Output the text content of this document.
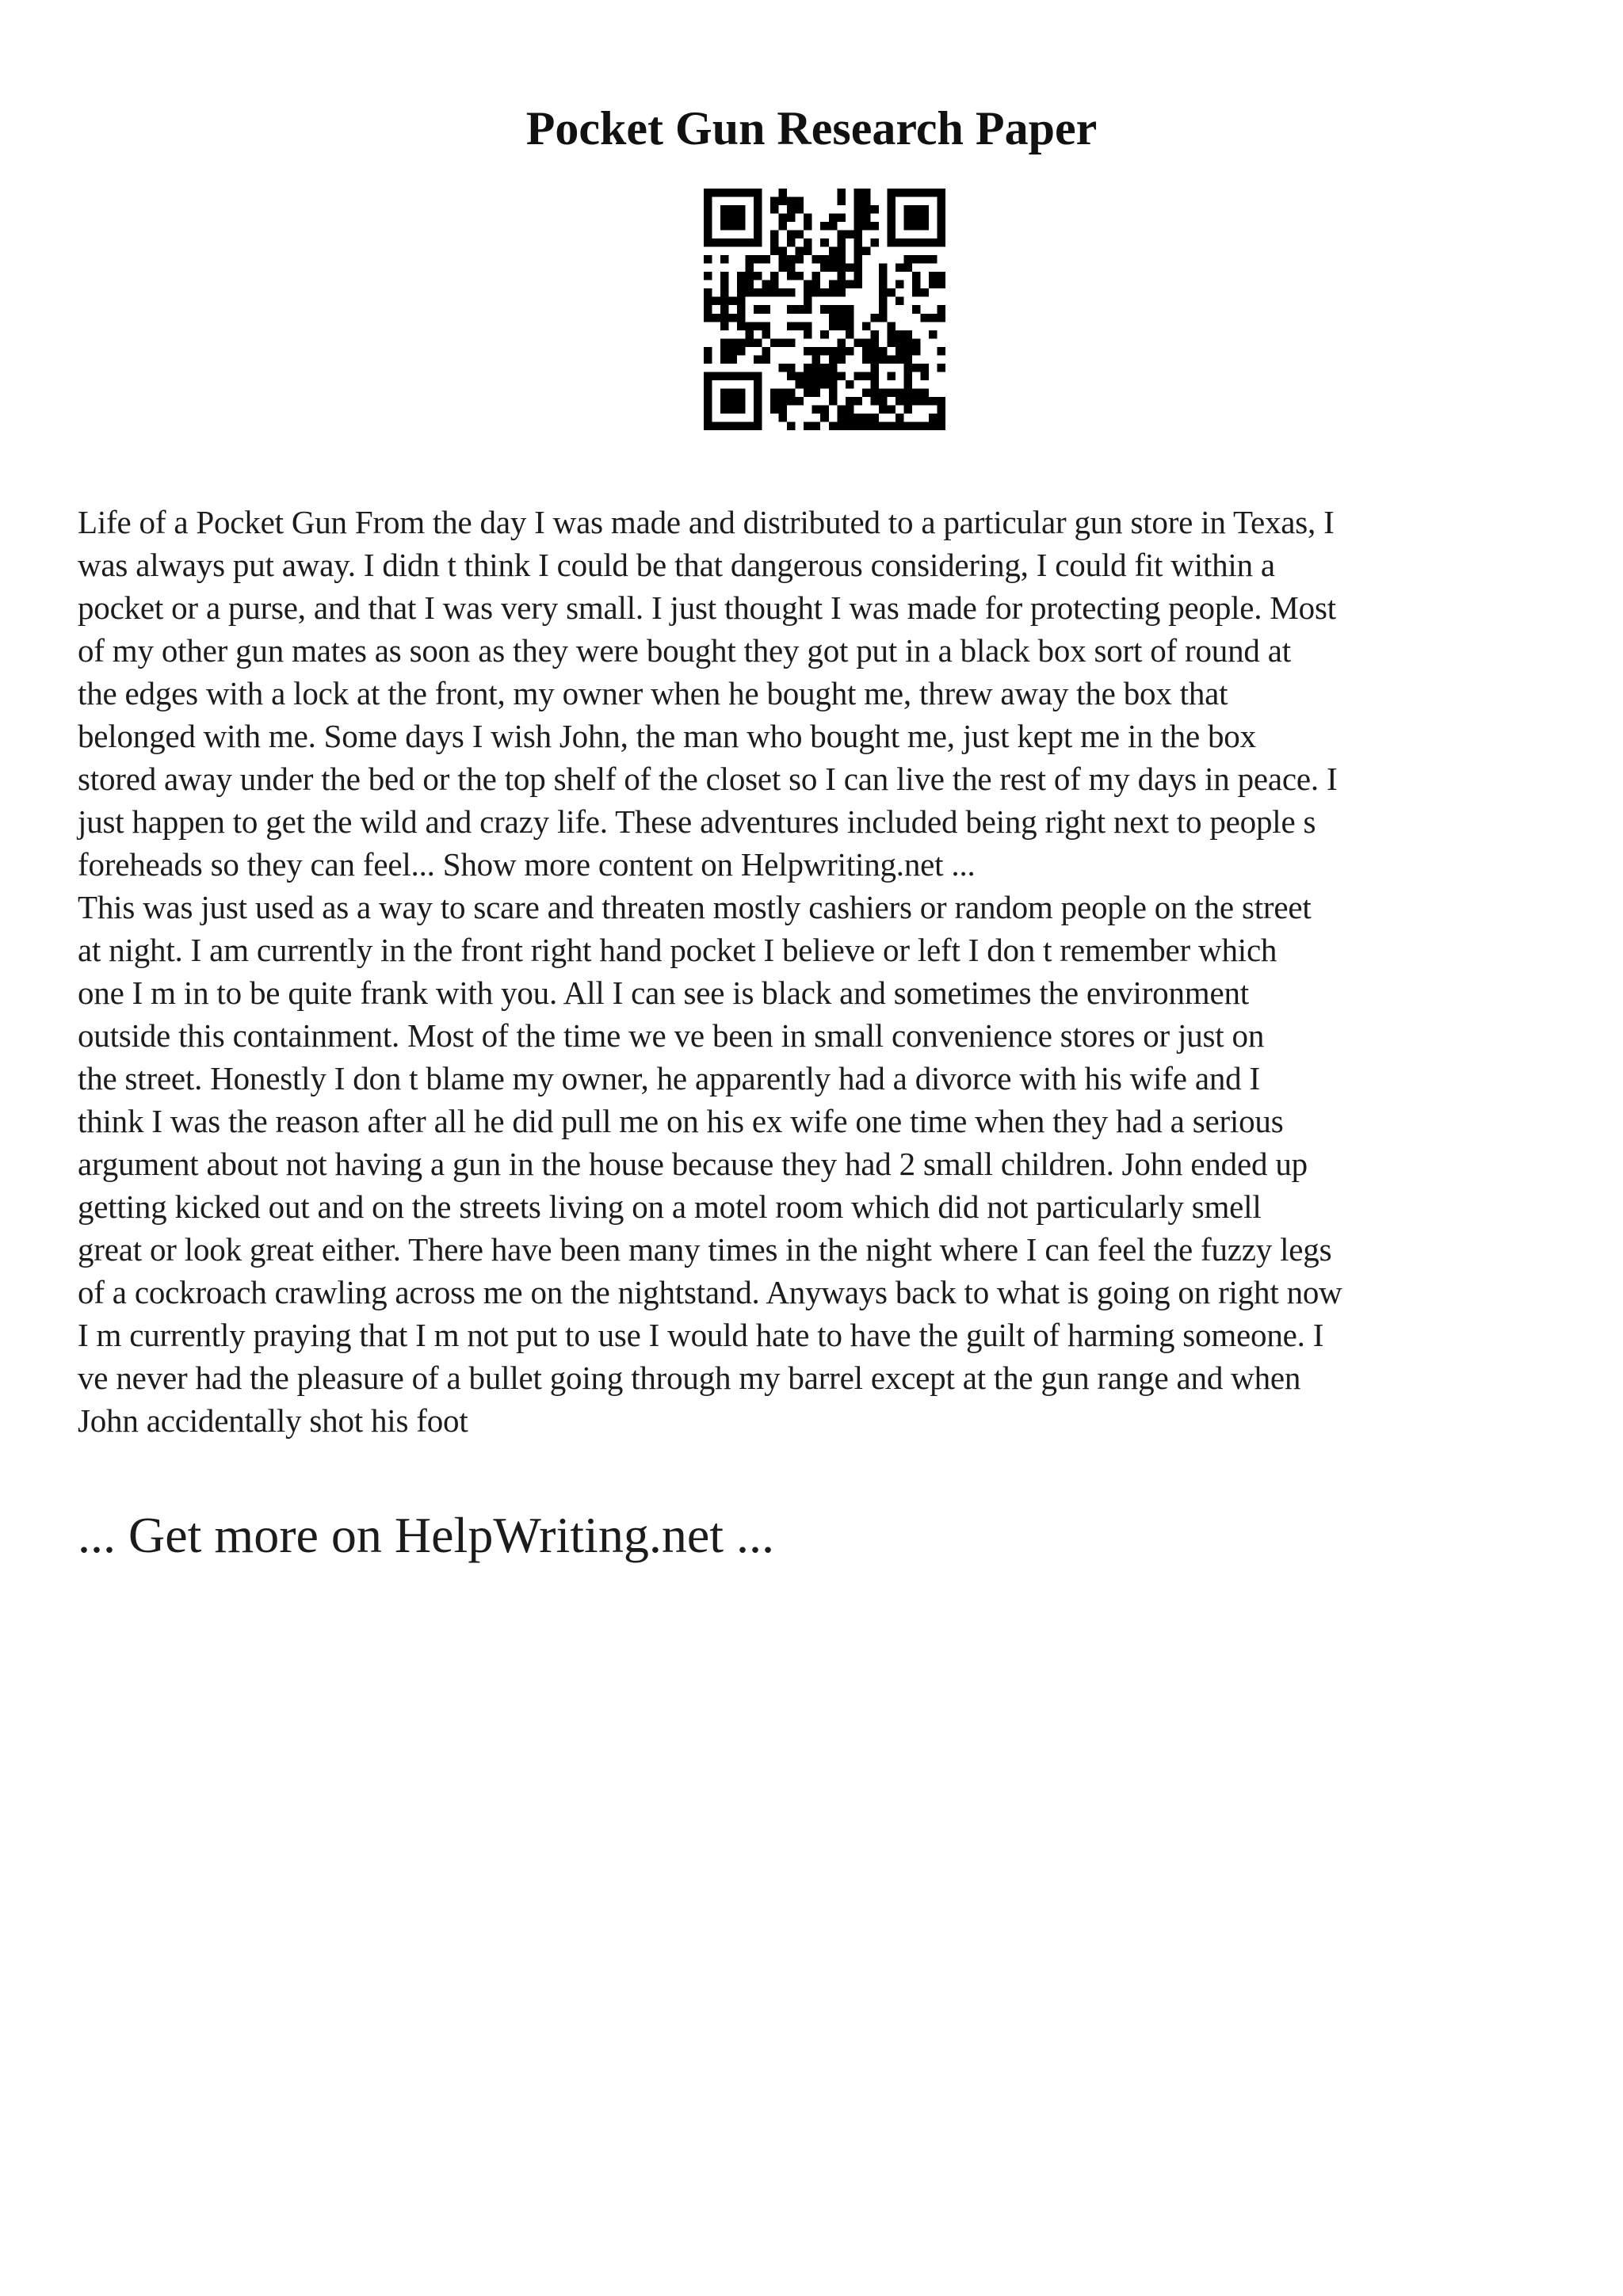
Pocket Gun Research Paper
Life of a Pocket Gun From the day I was made and distributed to a particular gun store in Texas, I
was always put away. I didn t think I could be that dangerous considering, I could fit within a
pocket or a purse, and that I was very small. I just thought I was made for protecting people. Most
of my other gun mates as soon as they were bought they got put in a black box sort of round at
the edges with a lock at the front, my owner when he bought me, threw away the box that
belonged with me. Some days I wish John, the man who bought me, just kept me in the box
stored away under the bed or the top shelf of the closet so I can live the rest of my days in peace. I
just happen to get the wild and crazy life. These adventures included being right next to people s
foreheads so they can feel... Show more content on Helpwriting.net ...
This was just used as a way to scare and threaten mostly cashiers or random people on the street
at night. I am currently in the front right hand pocket I believe or left I don t remember which
one I m in to be quite frank with you. All I can see is black and sometimes the environment
outside this containment. Most of the time we ve been in small convenience stores or just on
the street. Honestly I don t blame my owner, he apparently had a divorce with his wife and I
think I was the reason after all he did pull me on his ex wife one time when they had a serious
argument about not having a gun in the house because they had 2 small children. John ended up
getting kicked out and on the streets living on a motel room which did not particularly smell
great or look great either. There have been many times in the night where I can feel the fuzzy legs
of a cockroach crawling across me on the nightstand. Anyways back to what is going on right now
I m currently praying that I m not put to use I would hate to have the guilt of harming someone. I
ve never had the pleasure of a bullet going through my barrel except at the gun range and when
John accidentally shot his foot

... Get more on HelpWriting.net ...
